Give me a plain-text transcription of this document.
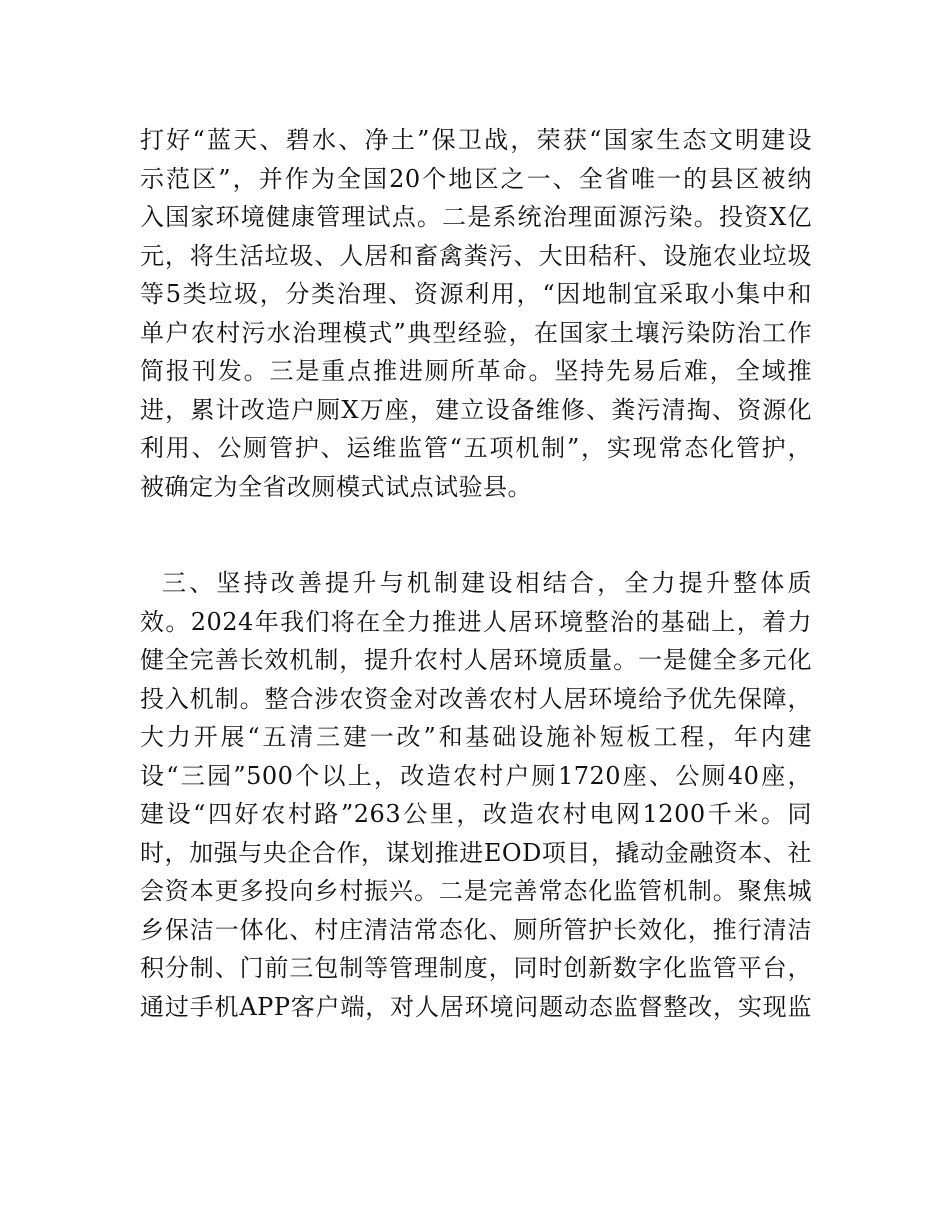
打好“蓝天、碧水、净土”保卫战，荣获“国家生态文明建设
示范区”，并作为全国20个地区之一、全省唯一的县区被纳
入国家环境健康管理试点。二是系统治理面源污染。投资X亿
元，将生活垃圾、人居和畜禽粪污、大田秸秆、设施农业垃圾
等5类垃圾，分类治理、资源利用，“因地制宜采取小集中和
单户农村污水治理模式”典型经验，在国家土壤污染防治工作
简报刊发。三是重点推进厕所革命。坚持先易后难，全域推
进，累计改造户厕X万座，建立设备维修、粪污清掏、资源化
利用、公厕管护、运维监管“五项机制”，实现常态化管护，
被确定为全省改厕模式试点试验县。
三、坚持改善提升与机制建设相结合，全力提升整体质
效。2024年我们将在全力推进人居环境整治的基础上，着力
健全完善长效机制，提升农村人居环境质量。一是健全多元化
投入机制。整合涉农资金对改善农村人居环境给予优先保障，
大力开展“五清三建一改”和基础设施补短板工程，年内建
设“三园”500个以上，改造农村户厕1720座、公厕40座，
建设“四好农村路”263公里，改造农村电网1200千米。同
时，加强与央企合作，谋划推进EOD项目，撬动金融资本、社
会资本更多投向乡村振兴。二是完善常态化监管机制。聚焦城
乡保洁一体化、村庄清洁常态化、厕所管护长效化，推行清洁
积分制、门前三包制等管理制度，同时创新数字化监管平台，
通过手机APP客户端，对人居环境问题动态监督整改，实现监
